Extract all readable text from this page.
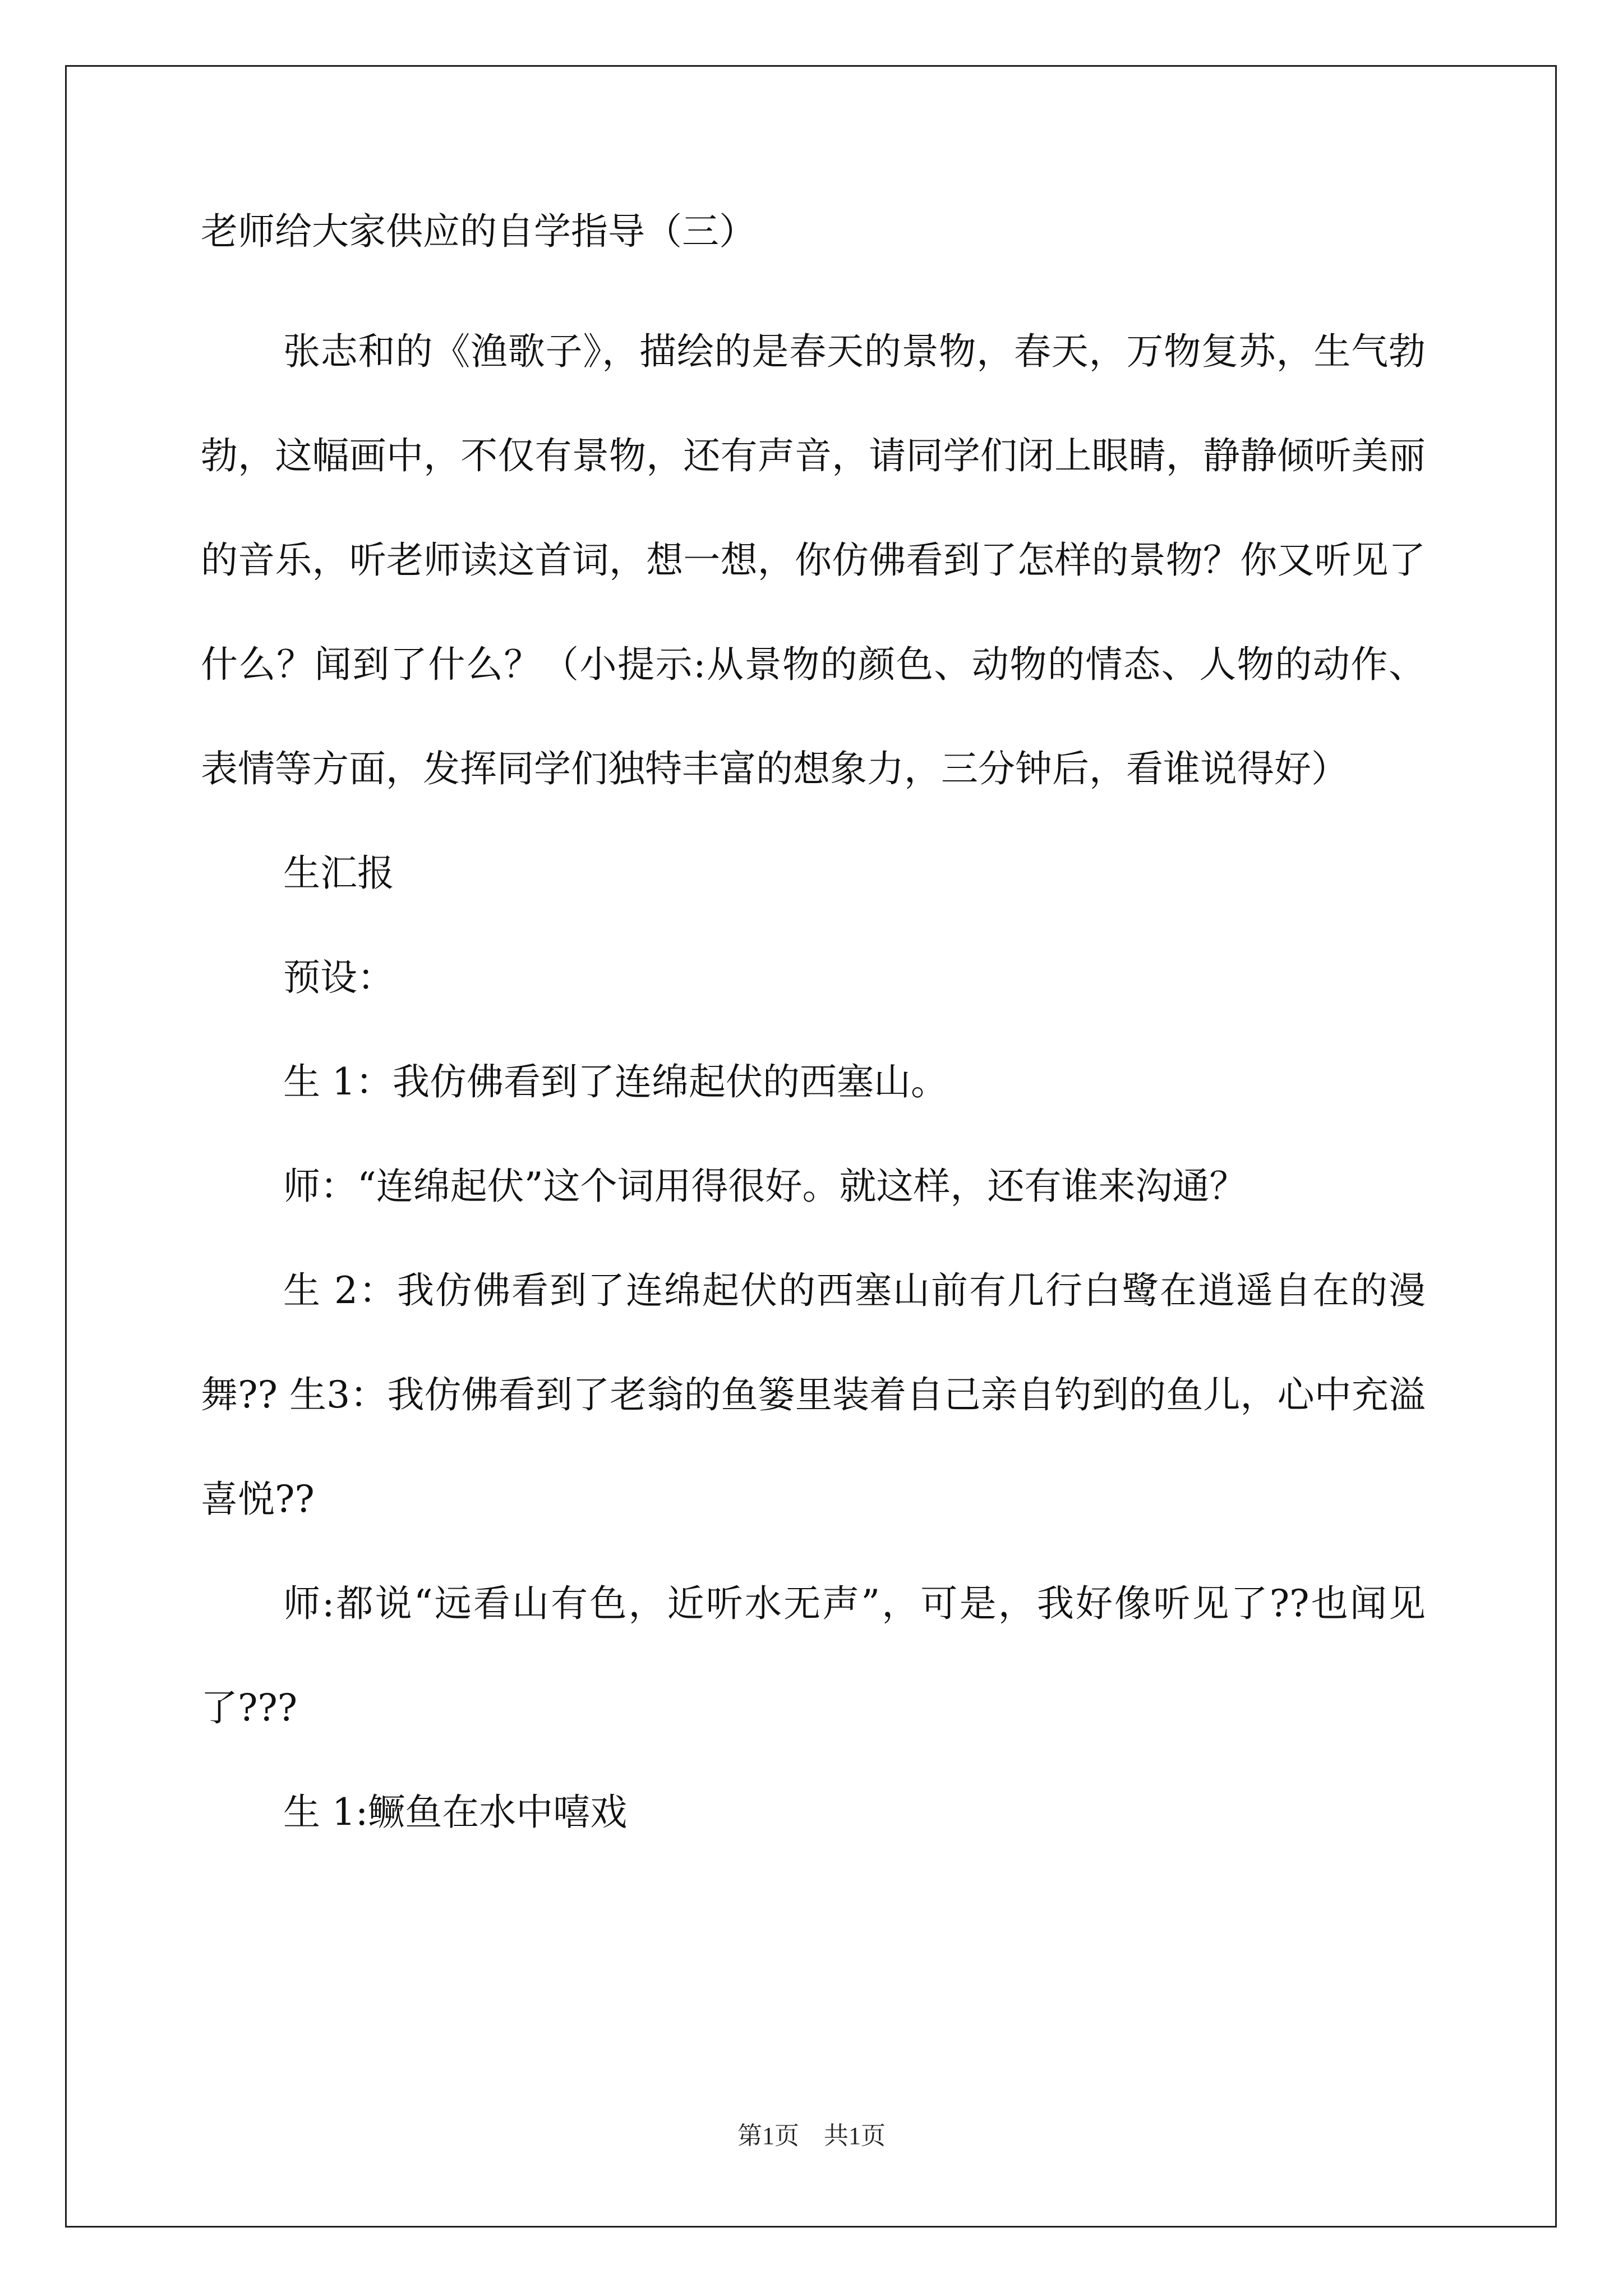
老师给大家供应的自学指导（三）

张志和的《渔歌子》，描绘的是春天的景物，春天，万物复苏，生气勃勃，这幅画中，不仅有景物，还有声音，请同学们闭上眼睛，静静倾听美丽的音乐，听老师读这首词，想一想，你仿佛看到了怎样的景物？你又听见了什么？闻到了什么？（小提示:从景物的颜色、动物的情态、人物的动作、表情等方面，发挥同学们独特丰富的想象力，三分钟后，看谁说得好）

生汇报

预设：

生 1：我仿佛看到了连绵起伏的西塞山。

师：“连绵起伏”这个词用得很好。就这样，还有谁来沟通？

生 2：我仿佛看到了连绵起伏的西塞山前有几行白鹭在逍遥自在的漫舞?? 生3：我仿佛看到了老翁的鱼篓里装着自己亲自钓到的鱼儿，心中充溢喜悦??

师:都说“远看山有色，近听水无声”，可是，我好像听见了??也闻见了???

生 1:鳜鱼在水中嘻戏

第1页　共1页
